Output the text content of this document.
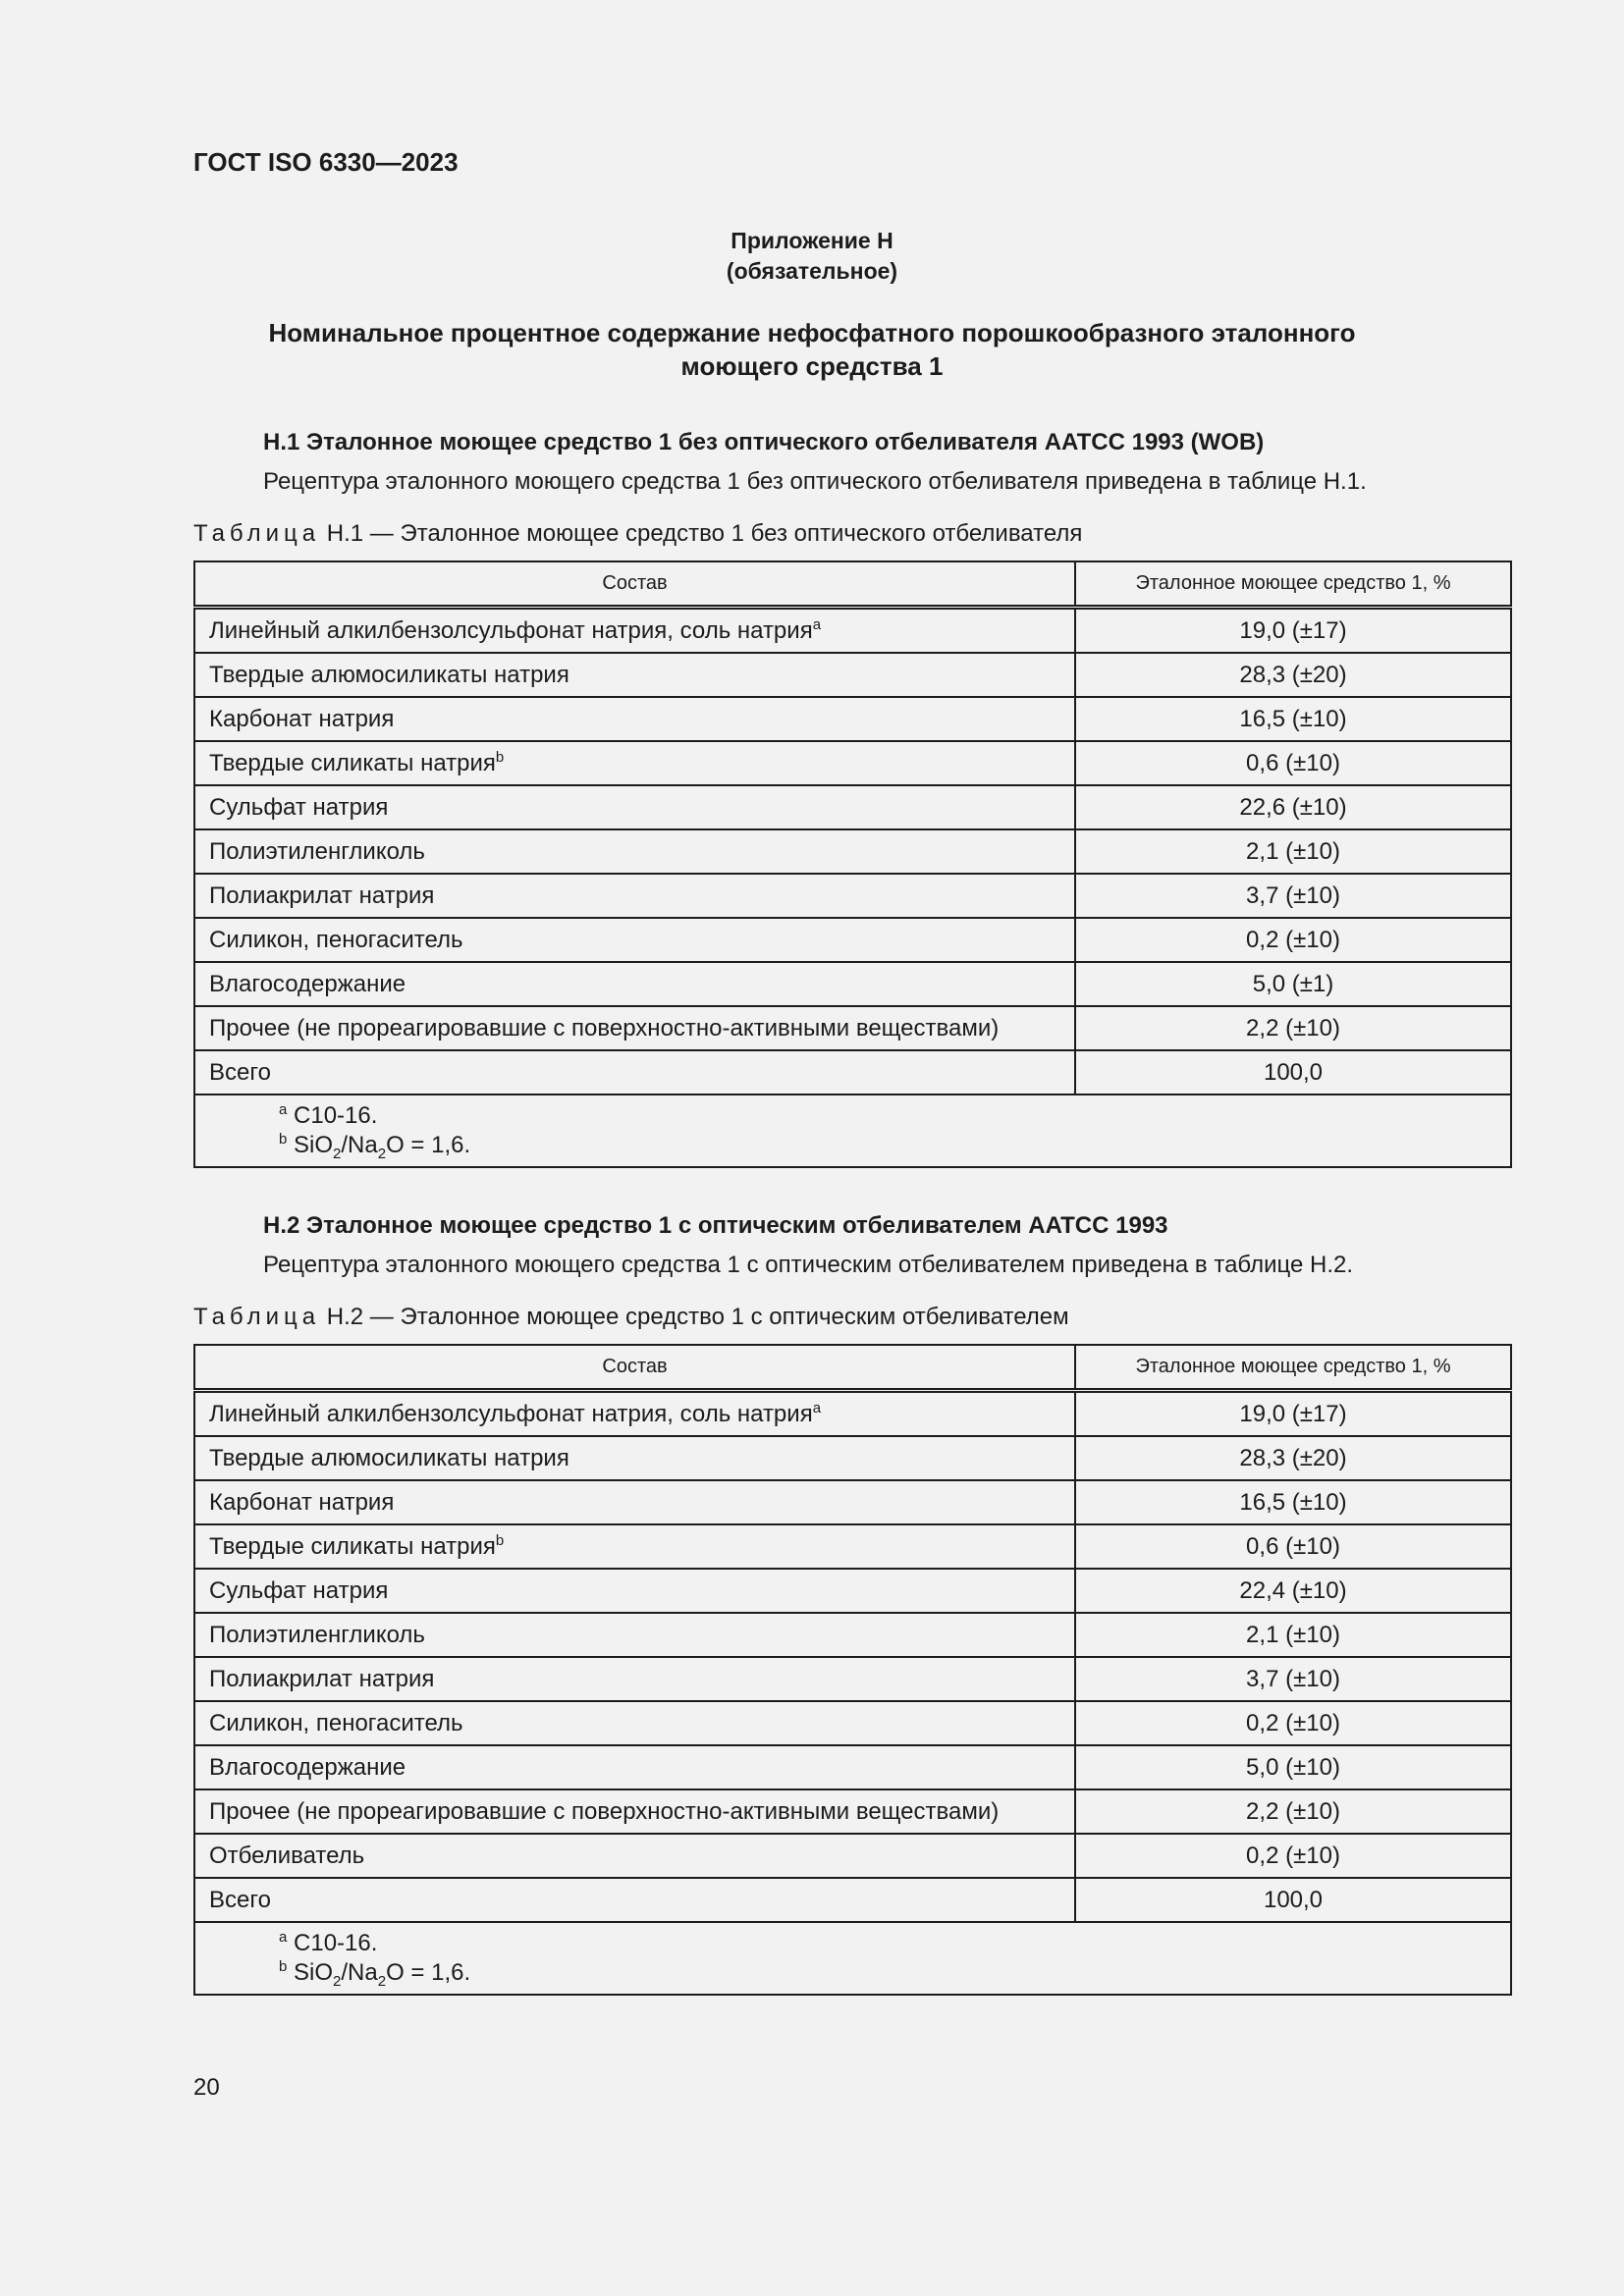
ГОСТ ISO 6330—2023
Приложение Н
(обязательное)
Номинальное процентное содержание нефосфатного порошкообразного эталонного
моющего средства 1
Н.1 Эталонное моющее средство 1 без оптического отбеливателя AATCC 1993 (WOB)
Рецептура эталонного моющего средства 1 без оптического отбеливателя приведена в таблице Н.1.
Таблица Н.1 — Эталонное моющее средство 1 без оптического отбеливателя
Состав	Эталонное моющее средство 1, %
Линейный алкилбензолсульфонат натрия, соль натрия$^a$	19,0 (±17)
Твердые алюмосиликаты натрия	28,3 (±20)
Карбонат натрия	16,5 (±10)
Твердые силикаты натрия$^b$	0,6 (±10)
Сульфат натрия	22,6 (±10)
Полиэтиленгликоль	2,1 (±10)
Полиакрилат натрия	3,7 (±10)
Силикон, пеногаситель	0,2 (±10)
Влагосодержание	5,0 (±1)
Прочее (не прореагировавшие с поверхностно-активными веществами)	2,2 (±10)
Всего	100,0

$^a$ C10-16.
$^b$ $SiO_2/Na_2O = 1,6$.	
Н.2 Эталонное моющее средство 1 с оптическим отбеливателем AATCC 1993
Рецептура эталонного моющего средства 1 с оптическим отбеливателем приведена в таблице Н.2.
Таблица Н.2 — Эталонное моющее средство 1 с оптическим отбеливателем
Состав	Эталонное моющее средство 1, %
Линейный алкилбензолсульфонат натрия, соль натрия$^a$	19,0 (±17)
Твердые алюмосиликаты натрия	28,3 (±20)
Карбонат натрия	16,5 (±10)
Твердые силикаты натрия$^b$	0,6 (±10)
Сульфат натрия	22,4 (±10)
Полиэтиленгликоль	2,1 (±10)
Полиакрилат натрия	3,7 (±10)
Силикон, пеногаситель	0,2 (±10)
Влагосодержание	5,0 (±10)
Прочее (не прореагировавшие с поверхностно-активными веществами)	2,2 (±10)
Отбеливатель	0,2 (±10)
Всего	100,0

$^a$ C10-16.
$^b$ $SiO_2/Na_2O = 1,6$.	
20
